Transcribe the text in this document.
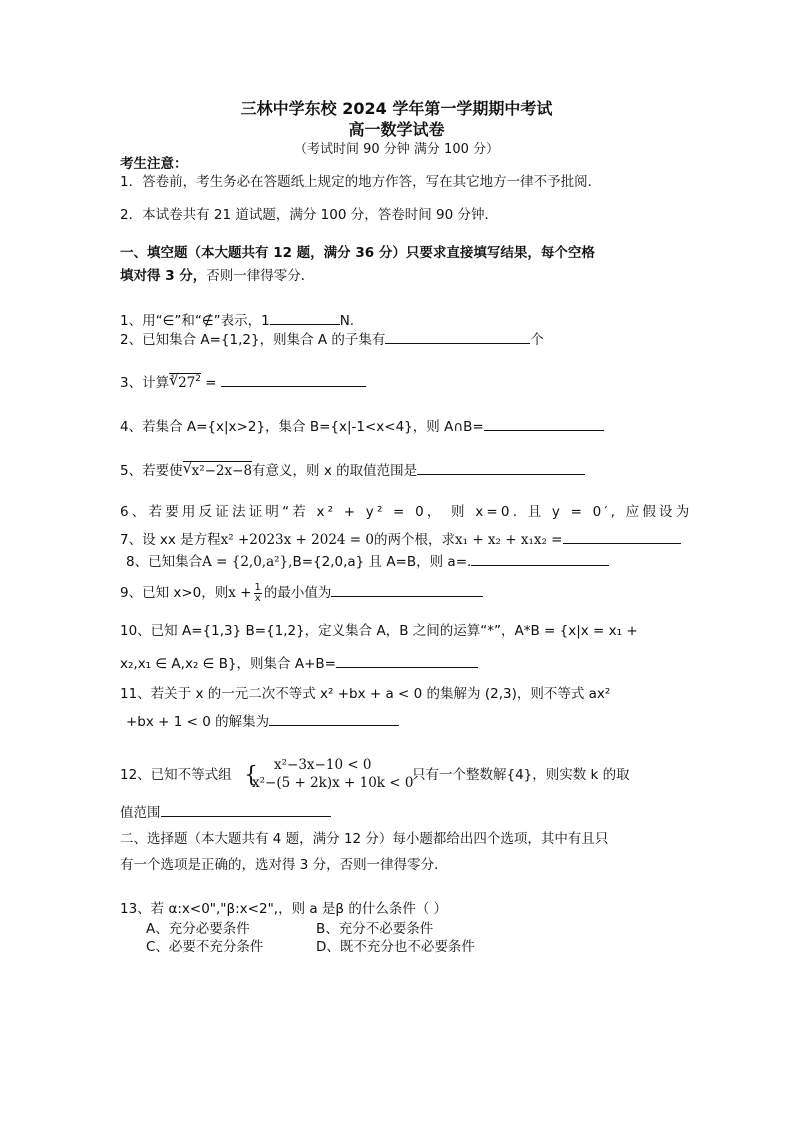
三林中学东校 2024 学年第一学期期中考试
高一数学试卷
（考试时间 90 分钟 满分 100 分）
考生注意：
1．答卷前，考生务必在答题纸上规定的地方作答，写在其它地方一律不予批阅．
2．本试卷共有 21 道试题，满分 100 分，答卷时间 90 分钟．
一、填空题（本大题共有 12 题，满分 36 分）只要求直接填写结果，每个空格
填对得 3 分，否则一律得零分．
1、用“∈”和“∉”表示，1	N.
2、已知集合 A={1,2}，则集合 A 的子集有	个
3、计算 3 √ $27^2$ =
4、若集合 A={x|x>2}，集合 B={x|-1<x<4}，则 A∩B=
5、若要使 √ x²−2x−8有意义，则 x 的取值范围是
6、若要用反证法证明“若 x² + y² = 0， 则 x=0. 且 y = 0′, 应假设为
7、设 xx 是方程x² +2023x + 2024 = 0的两个根，求x₁ + x₂ + x₁x₂ =
8、已知集合A = {2,0,a²},B={2,0,a} 且 A=B，则 a=.
9、已知 x>0，则$x + \frac{1}{x}$ 的最小值为
10、已知 A={1,3} B={1,2}，定义集合 A，B 之间的运算“*”，A*B = {x|x = x₁ +
x₂,x₁ ∈ A,x₂ ∈ B}，则集合 A+B=
11、若关于 x 的一元二次不等式 x² +bx + a < 0 的集解为 (2,3)，则不等式 ax²
+bx + 1 < 0 的解集为
12、已知不等式组 { x²−3x−10 < 0
x²−(5 + 2k)x + 10k < 0
只有一个整数解{4}，则实数 k 的取
值范围
二、选择题（本大题共有 4 题，满分 12 分）每小题都给出四个选项，其中有且只
有一个选项是正确的，选对得 3 分，否则一律得零分．
13、若 α:x<0","β:x<2",，则 a 是β 的什么条件（ ）
A、充分必要条件	B、充分不必要条件
C、必要不充分条件	D、既不充分也不必要条件
